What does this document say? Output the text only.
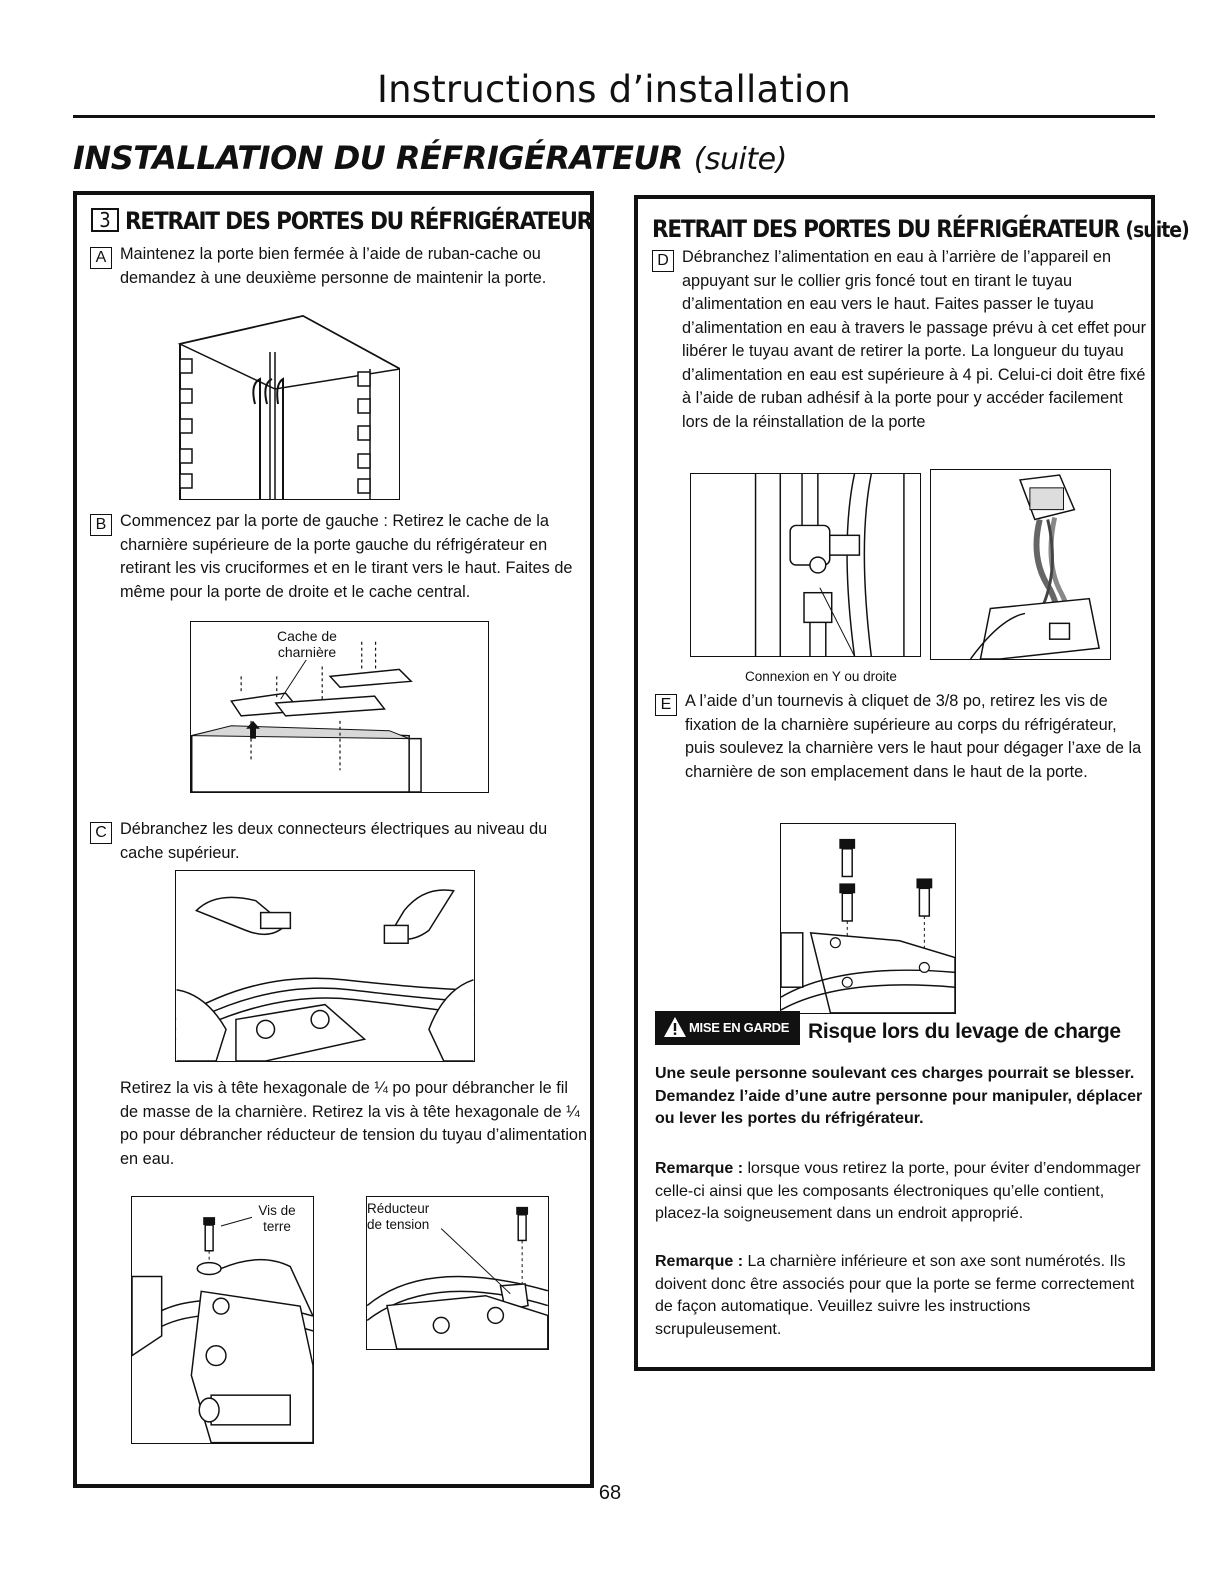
Instructions d’installation
INSTALLATION DU RÉFRIGÉRATEUR (suite)
3 RETRAIT DES PORTES DU RÉFRIGÉRATEUR
A Maintenez la porte bien fermée à l’aide de ruban-cache ou demandez à une deuxième personne de maintenir la porte.
B Commencez par la porte de gauche : Retirez le cache de la charnière supérieure de la porte gauche du réfrigérateur en retirant les vis cruciformes et en le tirant vers le haut. Faites de même pour la porte de droite et le cache central.
Cache de charnière
C Débranchez les deux connecteurs électriques au niveau du cache supérieur.
Retirez la vis à tête hexagonale de ¼ po pour débrancher le fil de masse de la charnière. Retirez la vis à tête hexagonale de ¼ po pour débrancher réducteur de tension du tuyau d’alimentation en eau.
Vis de terre
Réducteur de tension
RETRAIT DES PORTES DU RÉFRIGÉRATEUR (suite)
D Débranchez l’alimentation en eau à l’arrière de l’appareil en appuyant sur le collier gris foncé tout en tirant le tuyau d’alimentation en eau vers le haut. Faites passer le tuyau d’alimentation en eau à travers le passage prévu à cet effet pour libérer le tuyau avant de retirer la porte. La longueur du tuyau d’alimentation en eau est supérieure à 4 pi. Celui-ci doit être fixé à l’aide de ruban adhésif à la porte pour y accéder facilement lors de la réinstallation de la porte
Connexion en Y ou droite
E A l’aide d’un tournevis à cliquet de 3/8 po, retirez les vis de fixation de la charnière supérieure au corps du réfrigérateur, puis soulevez la charnière vers le haut pour dégager l’axe de la charnière de son emplacement dans le haut de la porte.
MISE EN GARDE Risque lors du levage de charge
Une seule personne soulevant ces charges pourrait se blesser. Demandez l’aide d’une autre personne pour manipuler, déplacer ou lever les portes du réfrigérateur.
Remarque : lorsque vous retirez la porte, pour éviter d’endommager celle-ci ainsi que les composants électroniques qu’elle contient, placez-la soigneusement dans un endroit approprié.
Remarque : La charnière inférieure et son axe sont numérotés. Ils doivent donc être associés pour que la porte se ferme correctement de façon automatique. Veuillez suivre les instructions scrupuleusement.
68
